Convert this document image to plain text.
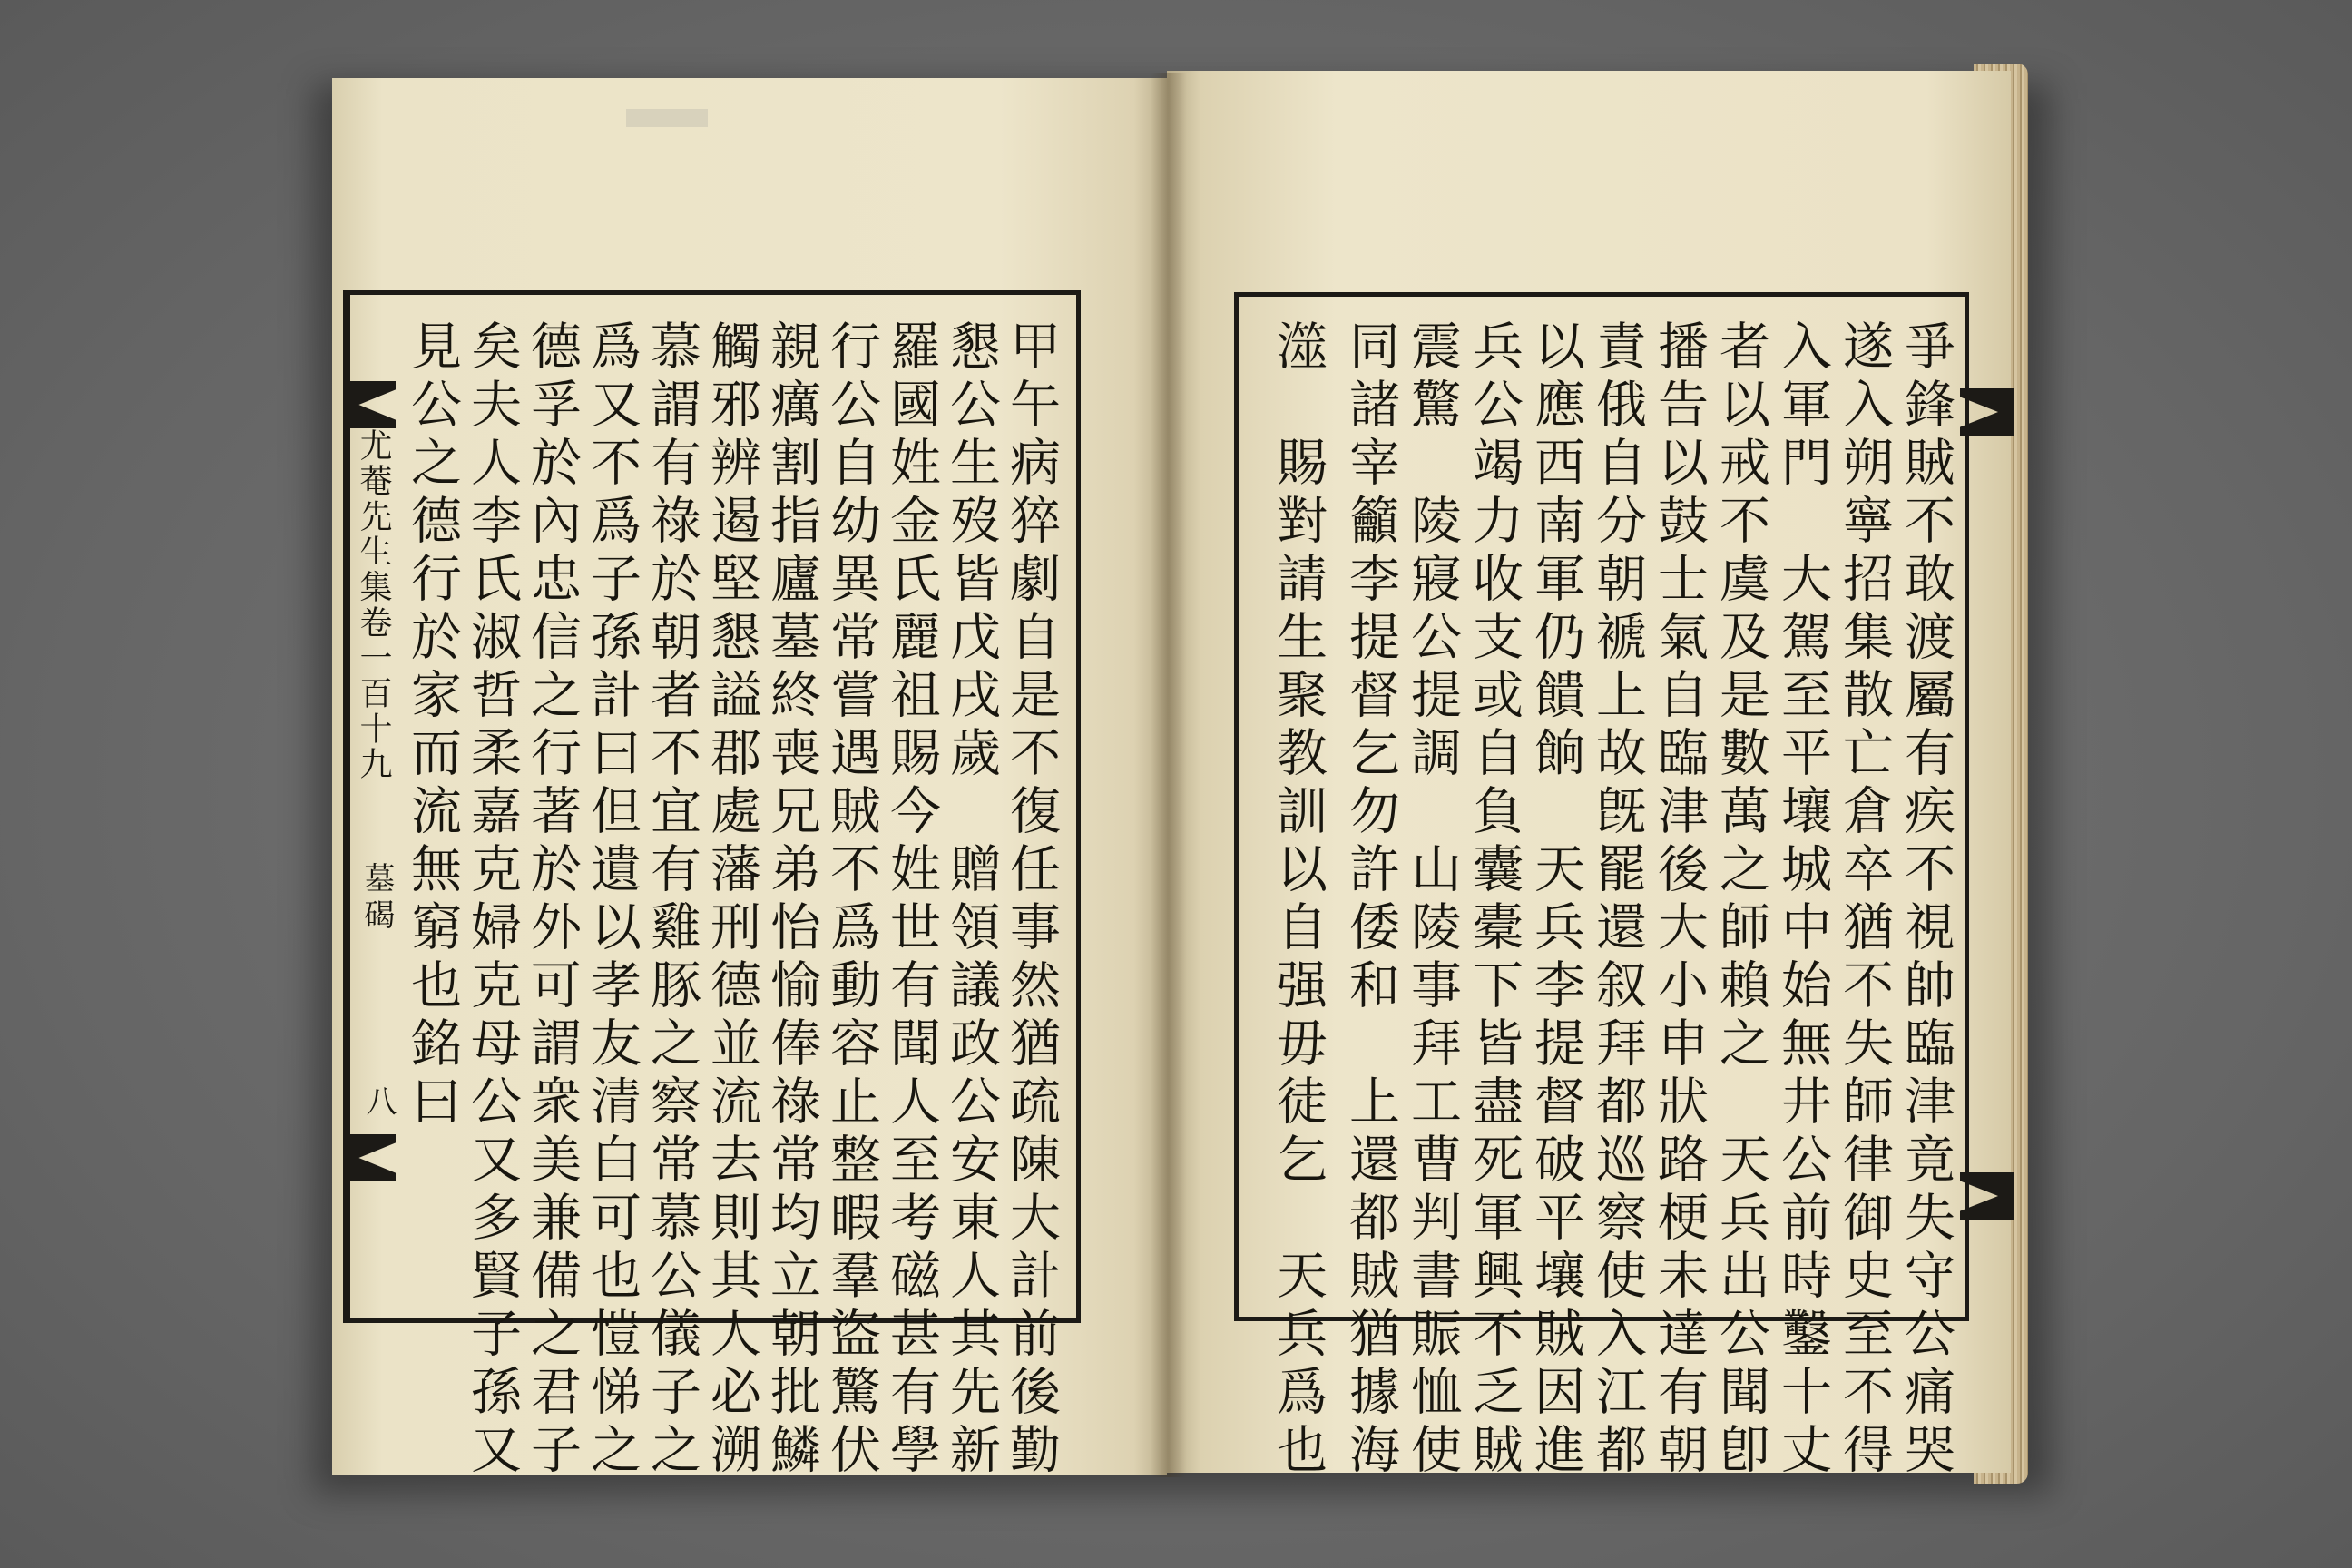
尤菴先生集卷一百十九
墓碣
八	甲午病猝劇自是不復任事然猶疏陳大計前後勤
懇公生歿皆戊戌歲　贈領議政公安東人其先新
羅國姓金氏麗祖賜今姓世有聞人至考磁甚有學
行公自幼異常嘗遇賊不爲動容止整暇羣盜驚伏
親癘割指廬墓終喪兄弟怡愉俸祿常均立朝批鱗
觸邪辨遏堅懇謚郡處藩刑德並流去則其人必溯
慕謂有祿於朝者不宜有雞豚之察常慕公儀子之
爲又不爲子孫計曰但遺以孝友清白可也愷悌之
德孚於內忠信之行著於外可謂衆美兼備之君子
矣夫人李氏淑哲柔嘉克婦克母公又多賢子孫又
見公之德行於家而流無窮也銘曰	爭鋒賊不敢渡屬有疾不視帥臨津竟失守公痛哭
遂入朔寧招集散亡倉卒猶不失師律御史至不得
入軍門　大駕至平壤城中始無井公前時鑿十丈
者以戒不虞及是數萬之師賴之　天兵出公聞卽
播告以鼓士氣自臨津後大小申狀路梗未達有朝
責俄自分朝褫上故旣罷還叙拜都巡察使入江都
以應西南軍仍饋餉　天兵李提督破平壤賊因進
兵公竭力收支或自負囊橐下皆盡死軍興不乏賊
震驚　陵寢公提調　山陵事拜工曹判書賑恤使
同諸宰籲李提督乞勿許倭和　上還都賊猶據海
澨　賜對請生聚教訓以自强毋徒乞　天兵爲也
